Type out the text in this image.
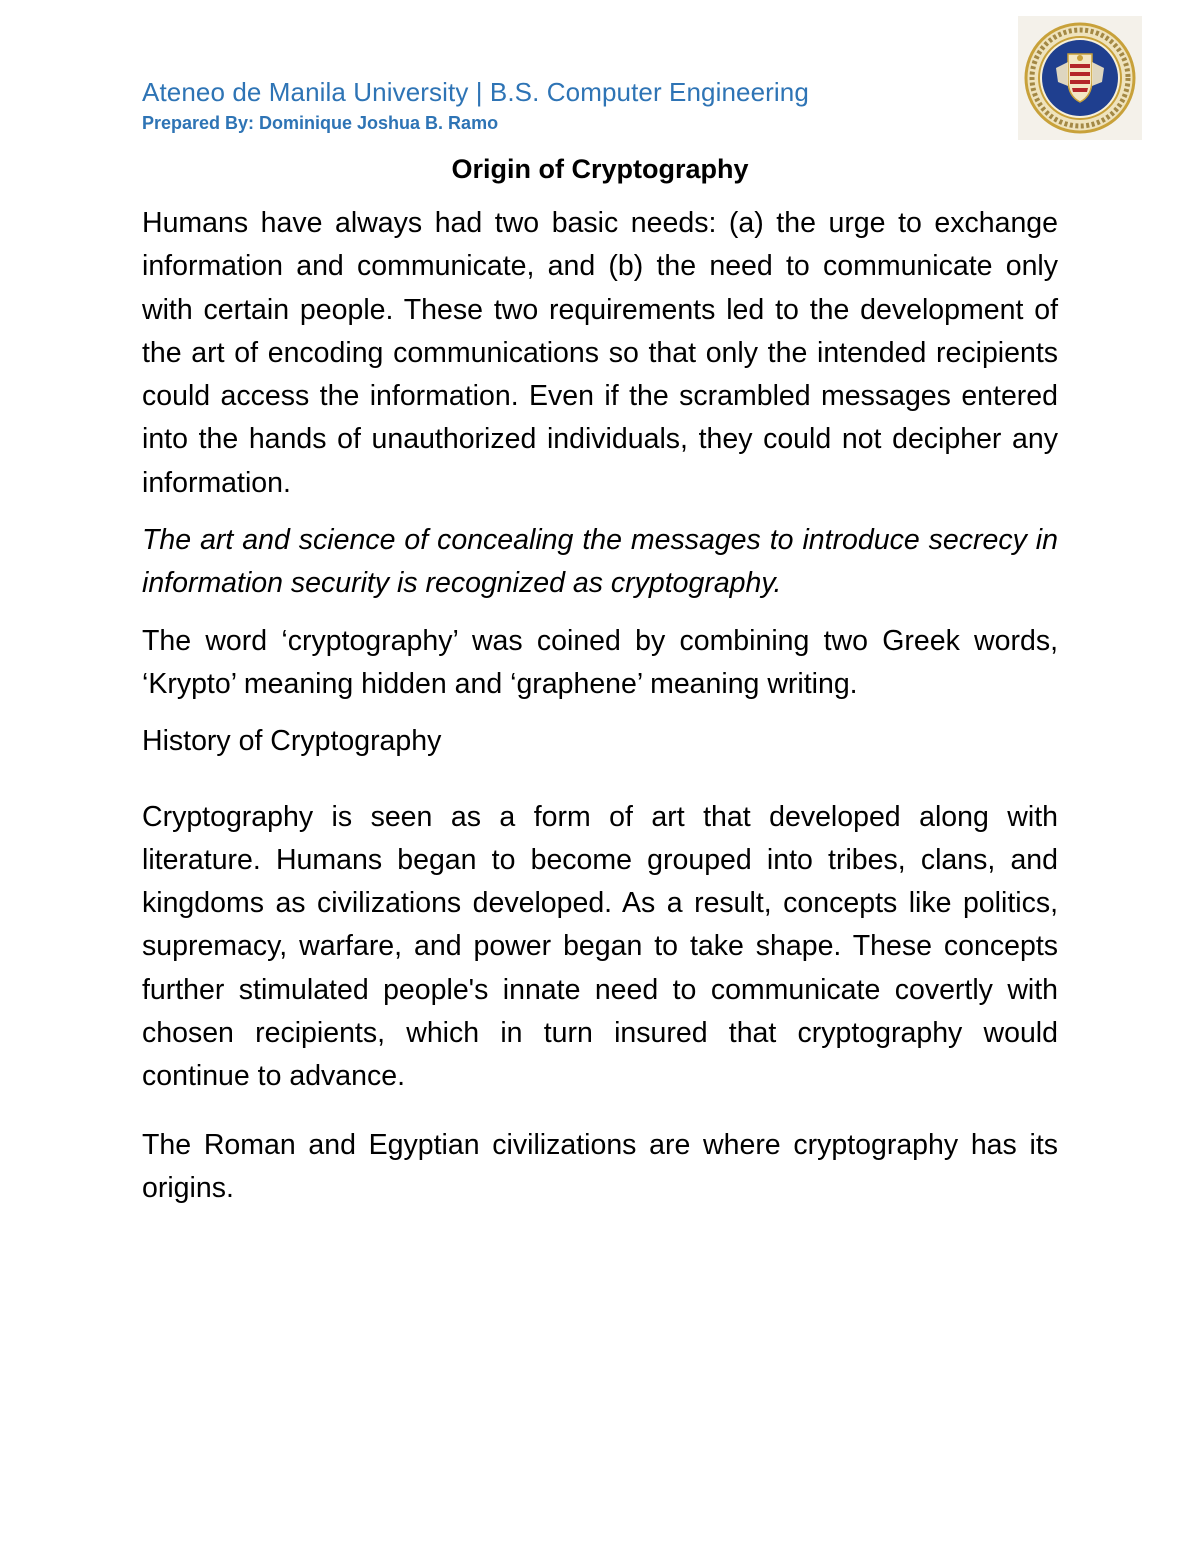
Ateneo de Manila University | B.S. Computer Engineering
Prepared By: Dominique Joshua B. Ramo
Origin of Cryptography

Humans have always had two basic needs: (a) the urge to exchange information and communicate, and (b) the need to communicate only with certain people. These two requirements led to the development of the art of encoding communications so that only the intended recipients could access the information. Even if the scrambled messages entered into the hands of unauthorized individuals, they could not decipher any information.

The art and science of concealing the messages to introduce secrecy in information security is recognized as cryptography.

The word ‘cryptography’ was coined by combining two Greek words, ‘Krypto’ meaning hidden and ‘graphene’ meaning writing.

History of Cryptography

Cryptography is seen as a form of art that developed along with literature. Humans began to become grouped into tribes, clans, and kingdoms as civilizations developed. As a result, concepts like politics, supremacy, warfare, and power began to take shape. These concepts further stimulated people's innate need to communicate covertly with chosen recipients, which in turn insured that cryptography would continue to advance.

The Roman and Egyptian civilizations are where cryptography has its origins.
